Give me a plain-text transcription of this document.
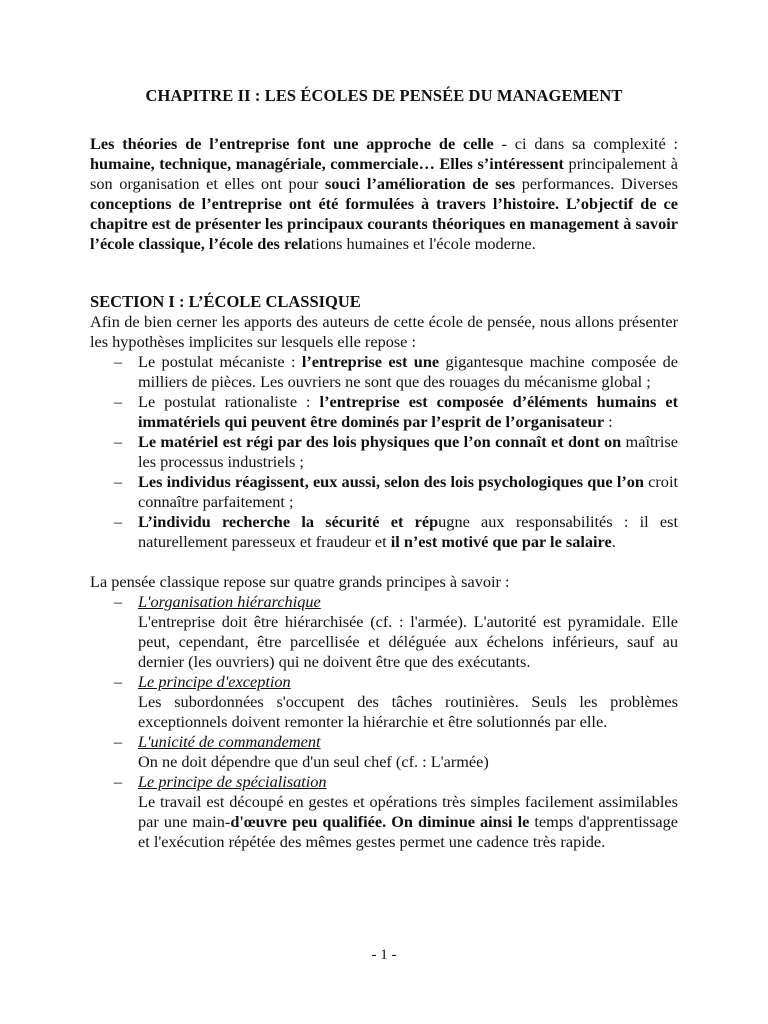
CHAPITRE II : LES ÉCOLES DE PENSÉE DU MANAGEMENT
Les théories de l’entreprise font une approche de celle - ci dans sa complexité : humaine, technique, managériale, commerciale… Elles s’intéressent principalement à son organisation et elles ont pour souci l’amélioration de ses performances. Diverses conceptions de l’entreprise ont été formulées à travers l’histoire. L’objectif de ce chapitre est de présenter les principaux courants théoriques en management à savoir l’école classique, l’école des relations humaines et l'école moderne.
SECTION I : L’ÉCOLE CLASSIQUE
Afin de bien cerner les apports des auteurs de cette école de pensée, nous allons présenter les hypothèses implicites sur lesquels elle repose :
– Le postulat mécaniste : l’entreprise est une gigantesque machine composée de milliers de pièces. Les ouvriers ne sont que des rouages du mécanisme global ;
– Le postulat rationaliste : l’entreprise est composée d’éléments humains et immatériels qui peuvent être dominés par l’esprit de l’organisateur :
– Le matériel est régi par des lois physiques que l’on connaît et dont on maîtrise les processus industriels ;
– Les individus réagissent, eux aussi, selon des lois psychologiques que l’on croit connaître parfaitement ;
– L’individu recherche la sécurité et répugne aux responsabilités : il est naturellement paresseux et fraudeur et il n’est motivé que par le salaire.
La pensée classique repose sur quatre grands principes à savoir :
– L'organisation hiérarchique
L'entreprise doit être hiérarchisée (cf. : l'armée). L'autorité est pyramidale. Elle peut, cependant, être parcellisée et déléguée aux échelons inférieurs, sauf au dernier (les ouvriers) qui ne doivent être que des exécutants.
– Le principe d'exception
Les subordonnées s'occupent des tâches routinières. Seuls les problèmes exceptionnels doivent remonter la hiérarchie et être solutionnés par elle.
– L'unicité de commandement
On ne doit dépendre que d'un seul chef (cf. : L'armée)
– Le principe de spécialisation
Le travail est découpé en gestes et opérations très simples facilement assimilables par une main-d'œuvre peu qualifiée. On diminue ainsi le temps d'apprentissage et l'exécution répétée des mêmes gestes permet une cadence très rapide.
- 1 -
